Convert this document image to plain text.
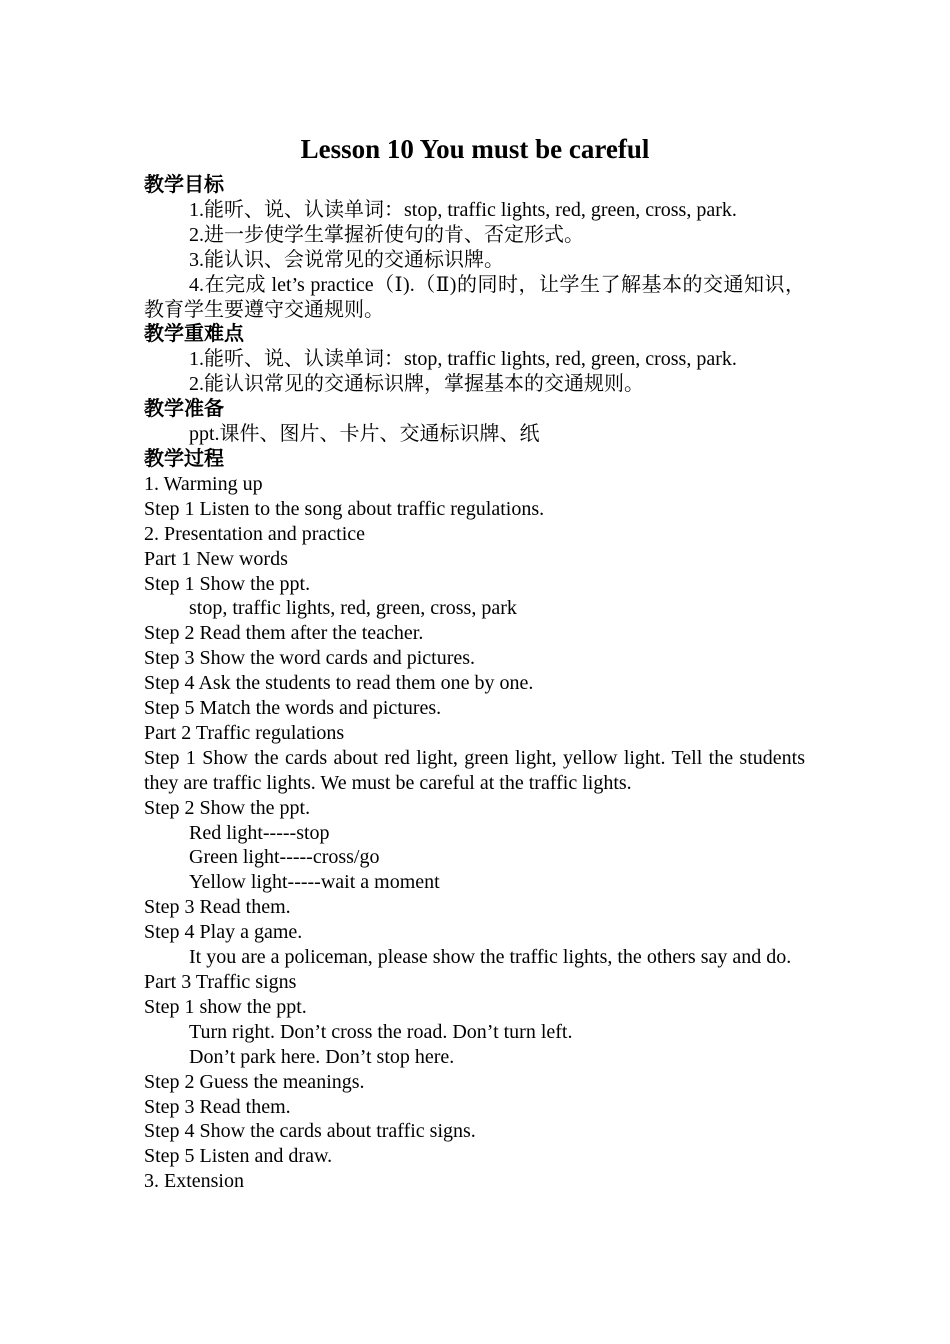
Lesson 10 You must be careful
教学目标
1.能听、说、认读单词：stop, traffic lights, red, green, cross, park.
2.进一步使学生掌握祈使句的肯、否定形式。
3.能认识、会说常见的交通标识牌。
4.在完成 let’s practice（Ⅰ).（Ⅱ)的同时，让学生了解基本的交通知识，教育学生要遵守交通规则。
教学重难点
1.能听、说、认读单词：stop, traffic lights, red, green, cross, park.
2.能认识常见的交通标识牌，掌握基本的交通规则。
教学准备
ppt.课件、图片、卡片、交通标识牌、纸
教学过程
1. Warming up
Step 1 Listen to the song about traffic regulations.
2. Presentation and practice
Part 1 New words
Step 1 Show the ppt.
stop, traffic lights, red, green, cross, park
Step 2 Read them after the teacher.
Step 3 Show the word cards and pictures.
Step 4 Ask the students to read them one by one.
Step 5 Match the words and pictures.
Part 2 Traffic regulations
Step 1 Show the cards about red light, green light, yellow light. Tell the students they are traffic lights. We must be careful at the traffic lights.
Step 2 Show the ppt.
Red light-----stop
Green light-----cross/go
Yellow light-----wait a moment
Step 3 Read them.
Step 4 Play a game.
It you are a policeman, please show the traffic lights, the others say and do.
Part 3 Traffic signs
Step 1 show the ppt.
Turn right. Don’t cross the road. Don’t turn left.
Don’t park here. Don’t stop here.
Step 2 Guess the meanings.
Step 3 Read them.
Step 4 Show the cards about traffic signs.
Step 5 Listen and draw.
3. Extension
